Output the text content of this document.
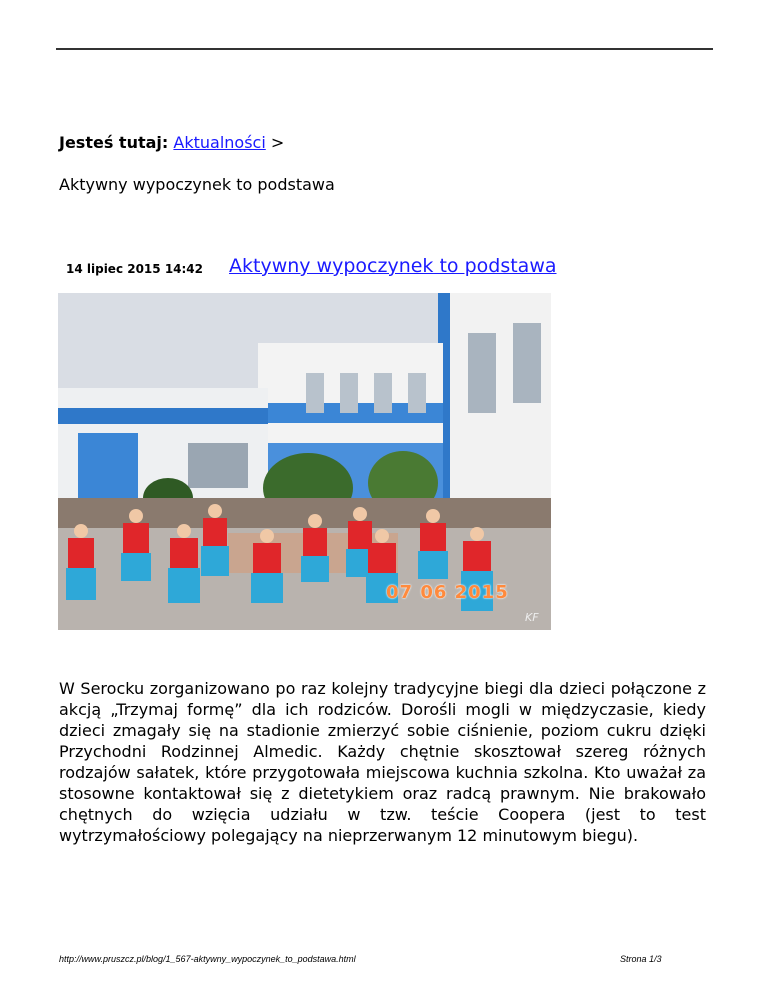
Jesteś tutaj: Aktualności >
Aktywny wypoczynek to podstawa
14 lipiec 2015 14:42 Aktywny wypoczynek to podstawa
07 06 2015
KF
W Serocku zorganizowano po raz kolejny tradycyjne biegi dla dzieci połączone z akcją „Trzymaj formę” dla ich rodziców. Dorośli mogli w międzyczasie, kiedy dzieci zmagały się na stadionie zmierzyć sobie ciśnienie, poziom cukru dzięki Przychodni Rodzinnej Almedic. Każdy chętnie skosztował szereg różnych rodzajów sałatek, które przygotowała miejscowa kuchnia szkolna. Kto uważał za stosowne kontaktował się z dietetykiem oraz radcą prawnym. Nie brakowało chętnych do wzięcia udziału w tzw. teście Coopera (jest to test wytrzymałościowy polegający na nieprzerwanym 12 minutowym biegu).
http://www.pruszcz.pl/blog/1_567-aktywny_wypoczynek_to_podstawa.html	Strona 1/3
